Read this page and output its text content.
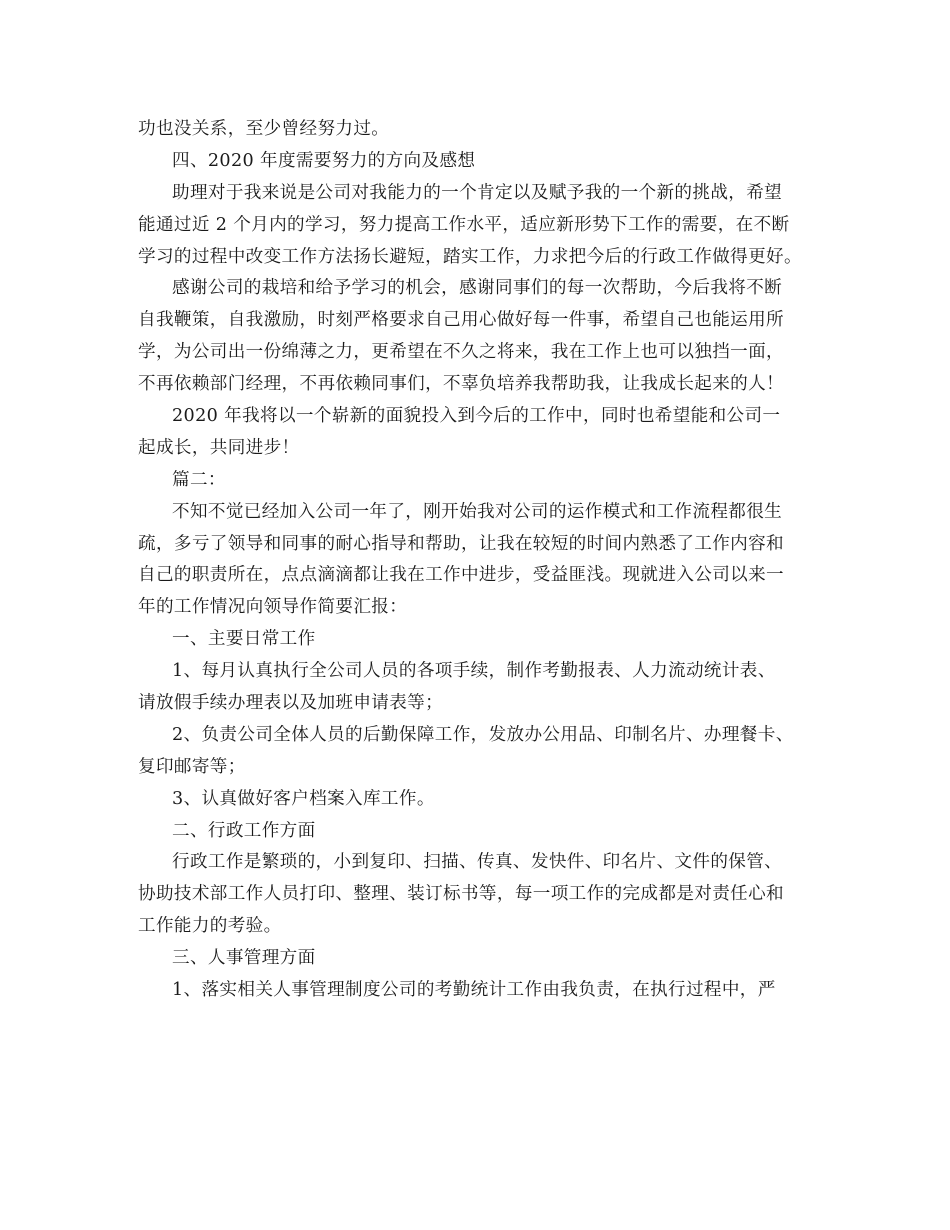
功也没关系，至少曾经努力过。
四、2020 年度需要努力的方向及感想
助理对于我来说是公司对我能力的一个肯定以及赋予我的一个新的挑战，希望
能通过近 2 个月内的学习，努力提高工作水平，适应新形势下工作的需要，在不断
学习的过程中改变工作方法扬长避短，踏实工作，力求把今后的行政工作做得更好。
感谢公司的栽培和给予学习的机会，感谢同事们的每一次帮助，今后我将不断
自我鞭策，自我激励，时刻严格要求自己用心做好每一件事，希望自己也能运用所
学，为公司出一份绵薄之力，更希望在不久之将来，我在工作上也可以独挡一面，
不再依赖部门经理，不再依赖同事们，不辜负培养我帮助我，让我成长起来的人！
2020 年我将以一个崭新的面貌投入到今后的工作中，同时也希望能和公司一
起成长，共同进步！
篇二：
不知不觉已经加入公司一年了，刚开始我对公司的运作模式和工作流程都很生
疏，多亏了领导和同事的耐心指导和帮助，让我在较短的时间内熟悉了工作内容和
自己的职责所在，点点滴滴都让我在工作中进步，受益匪浅。现就进入公司以来一
年的工作情况向领导作简要汇报：
一、主要日常工作
1、每月认真执行全公司人员的各项手续，制作考勤报表、人力流动统计表、
请放假手续办理表以及加班申请表等；
2、负责公司全体人员的后勤保障工作，发放办公用品、印制名片、办理餐卡、
复印邮寄等；
3、认真做好客户档案入库工作。
二、行政工作方面
行政工作是繁琐的，小到复印、扫描、传真、发快件、印名片、文件的保管、
协助技术部工作人员打印、整理、装订标书等，每一项工作的完成都是对责任心和
工作能力的考验。
三、人事管理方面
1、落实相关人事管理制度公司的考勤统计工作由我负责，在执行过程中，严
